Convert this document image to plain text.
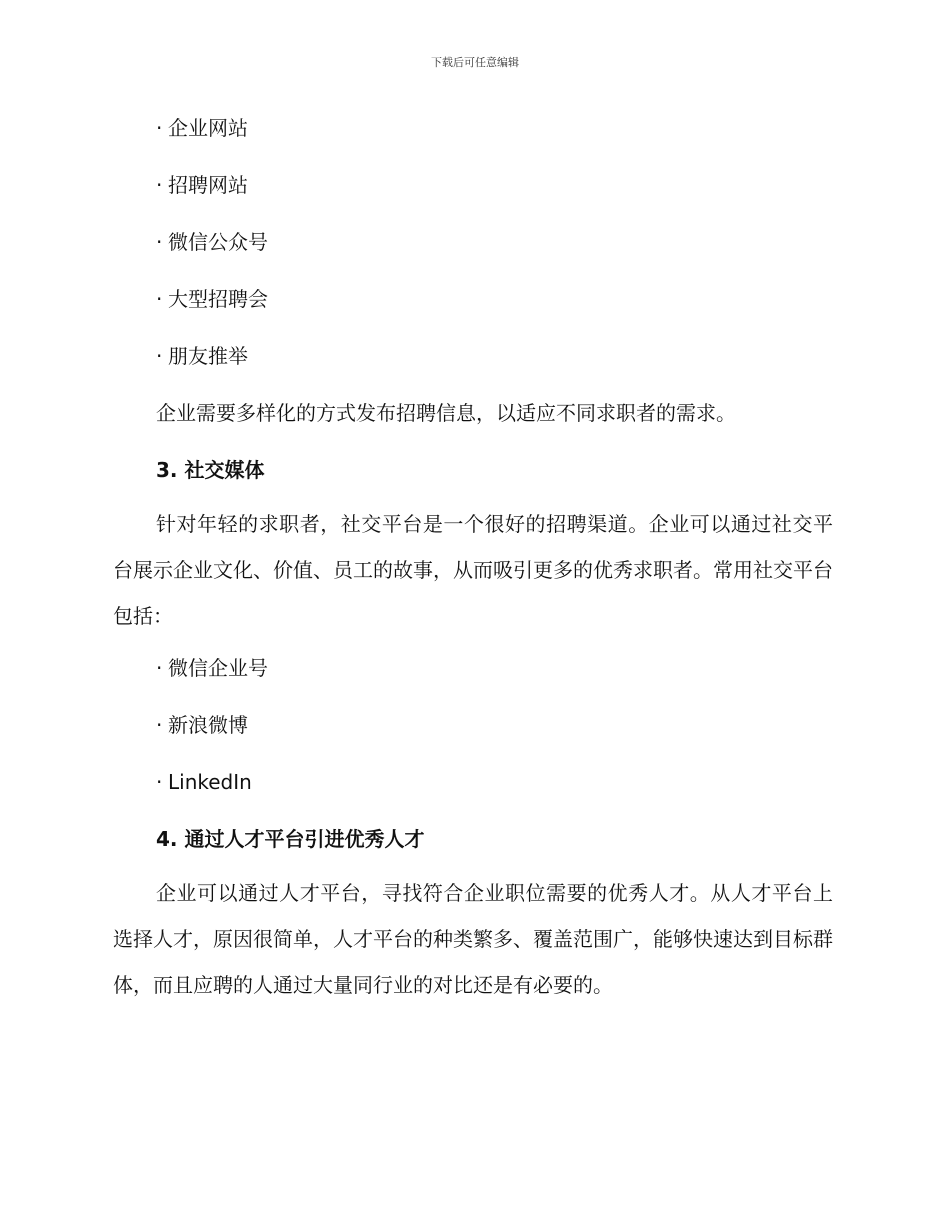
下载后可任意编辑
· 企业网站
· 招聘网站
· 微信公众号
· 大型招聘会
· 朋友推举

企业需要多样化的方式发布招聘信息，以适应不同求职者的需求。

3. 社交媒体

针对年轻的求职者，社交平台是一个很好的招聘渠道。企业可以通过社交平台展示企业文化、价值、员工的故事，从而吸引更多的优秀求职者。常用社交平台包括：

· 微信企业号
· 新浪微博
· LinkedIn
4. 通过人才平台引进优秀人才

企业可以通过人才平台，寻找符合企业职位需要的优秀人才。从人才平台上选择人才，原因很简单，人才平台的种类繁多、覆盖范围广，能够快速达到目标群体，而且应聘的人通过大量同行业的对比还是有必要的。
